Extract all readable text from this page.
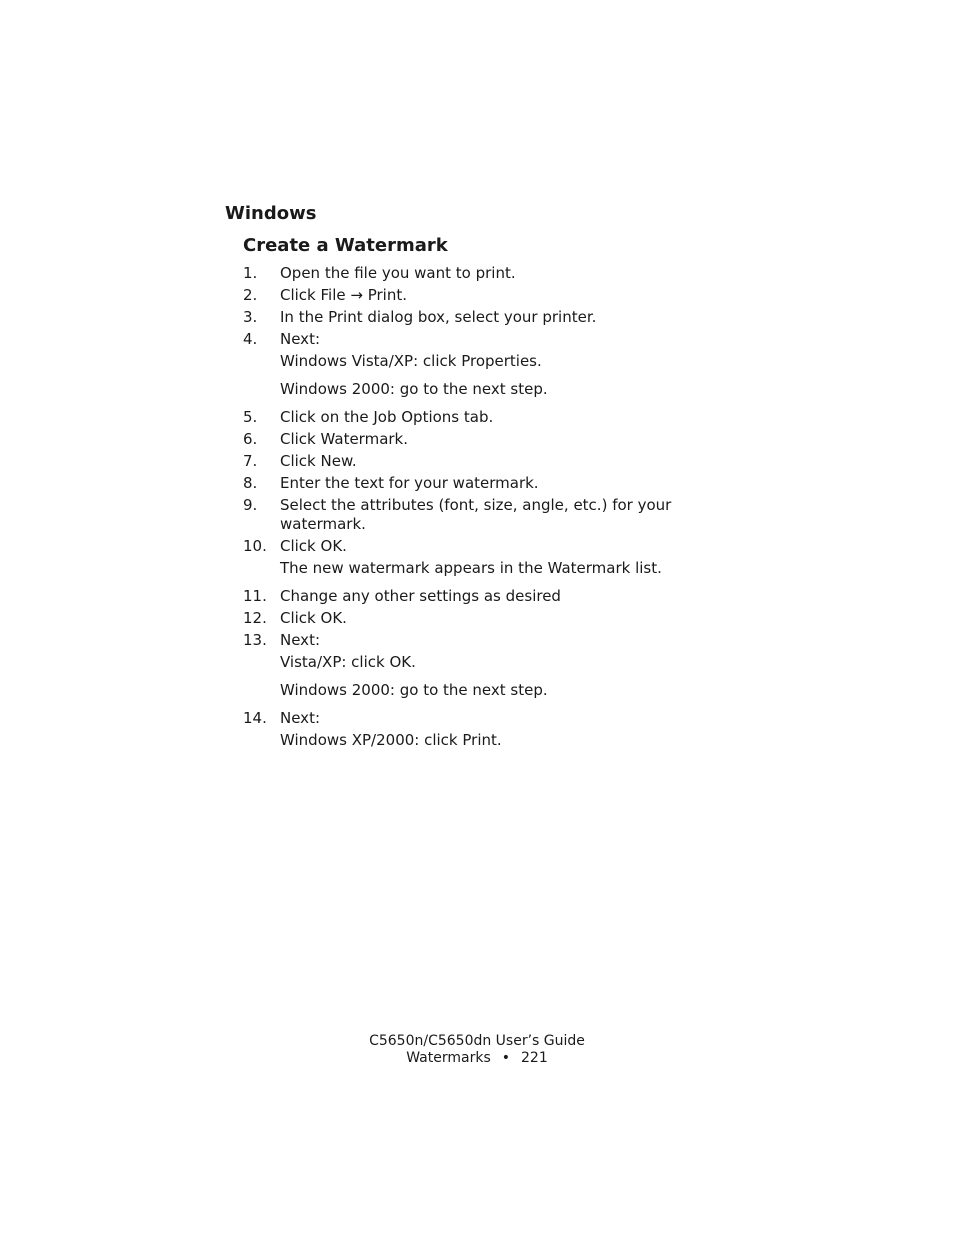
Windows
Create a Watermark
1. Open the file you want to print.
2. Click File → Print.
3. In the Print dialog box, select your printer.
4. Next:
Windows Vista/XP: click Properties.
Windows 2000: go to the next step.
5. Click on the Job Options tab.
6. Click Watermark.
7. Click New.
8. Enter the text for your watermark.
9. Select the attributes (font, size, angle, etc.) for your watermark.
10. Click OK.
The new watermark appears in the Watermark list.
11. Change any other settings as desired
12. Click OK.
13. Next:
Vista/XP: click OK.
Windows 2000: go to the next step.
14. Next:
Windows XP/2000: click Print.
C5650n/C5650dn User’s Guide
Watermarks • 221
